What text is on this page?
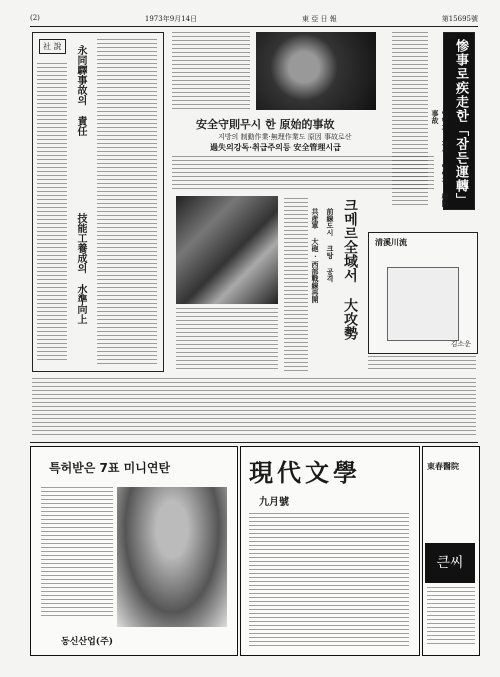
(2)	1973年9月14日	東 亞 日 報	第15695號
社 說	永同驛事故의 責任
技能工養成의 水準向上
安全守則무시 한 原始的事故
지방의 制動作業·無理作業도 原因 事故로산
過失의강독·취급주의등 安全管理시급	惨事로疾走한「잠든運轉」
인명과 재산 앗아간 機關事故
크메르全域서 大攻勢
前線도시 크탕 공격
共産軍 大砲·西部戰線再開	清溪川流
김소운
특허받은 7표 미니연탄
동신산업(주)
現代文學
九月號
東春醫院
큰씨
